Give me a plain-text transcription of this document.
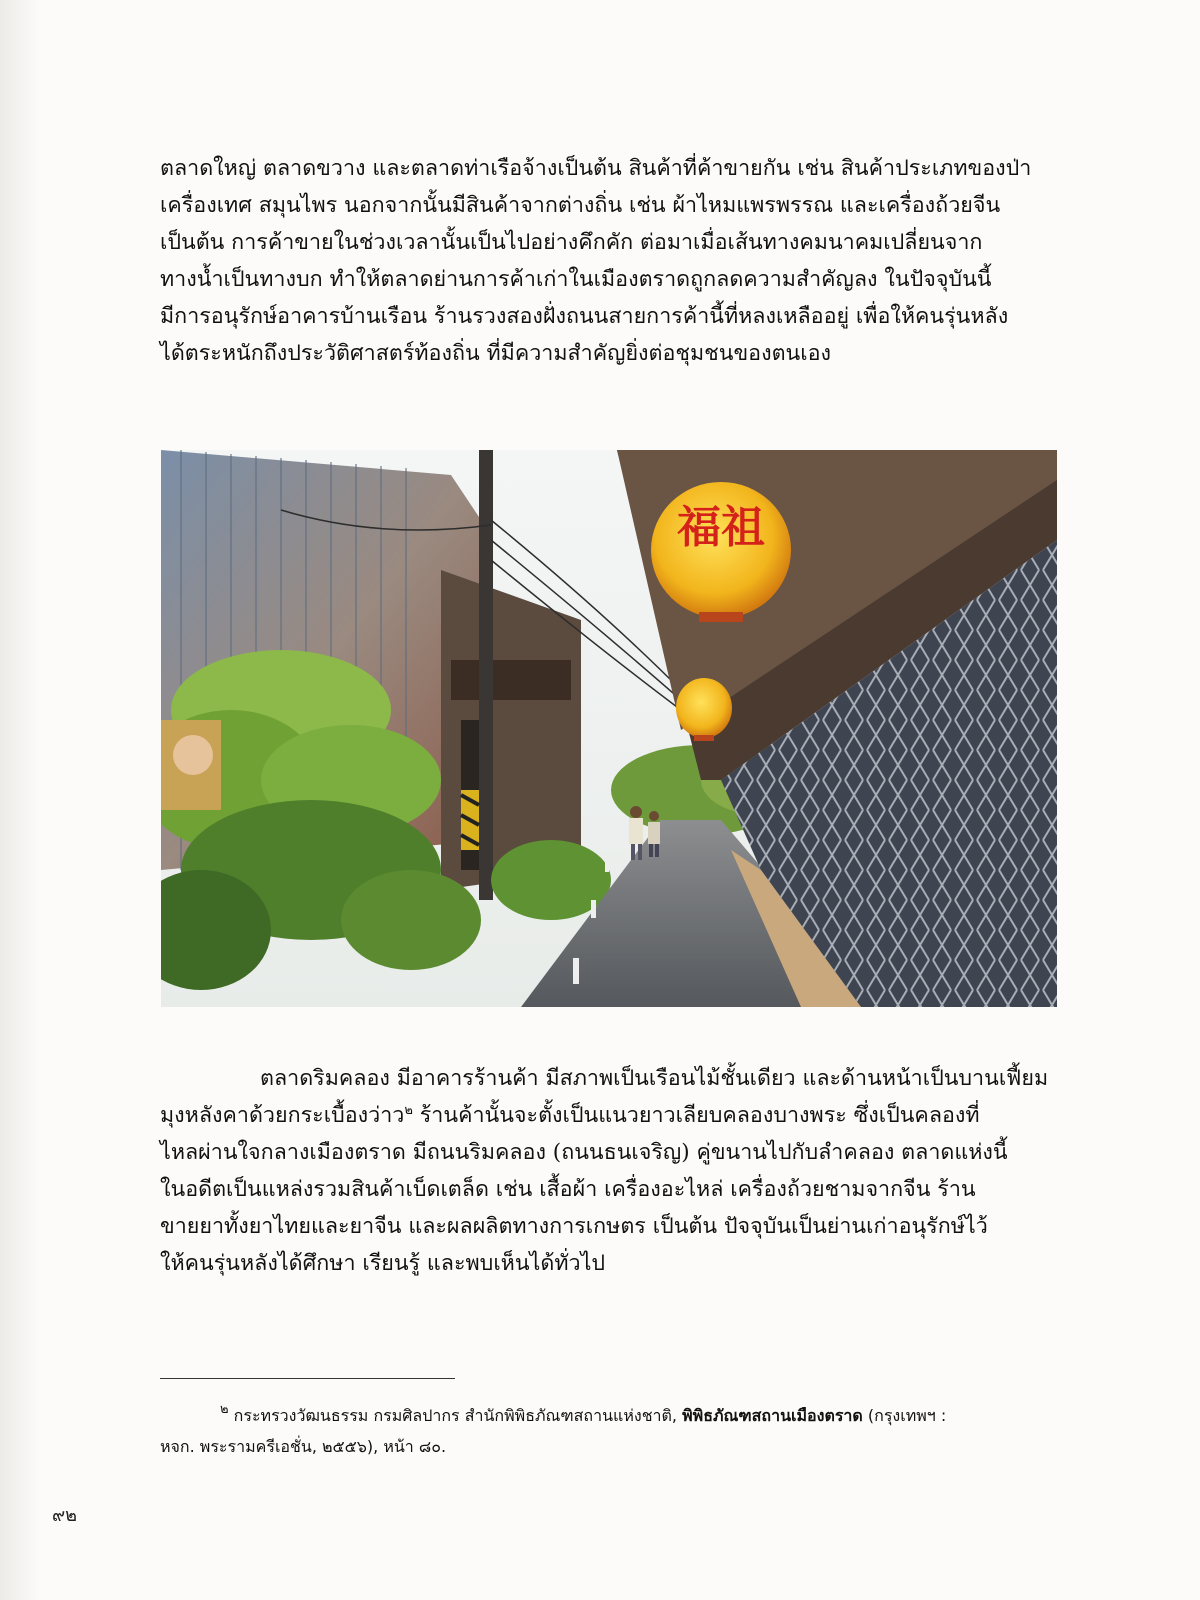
ตลาดใหญ่ ตลาดขวาง และตลาดท่าเรือจ้างเป็นต้น สินค้าที่ค้าขายกัน เช่น สินค้าประเภทของป่า
เครื่องเทศ สมุนไพร นอกจากนั้นมีสินค้าจากต่างถิ่น เช่น ผ้าไหมแพรพรรณ และเครื่องถ้วยจีน
เป็นต้น การค้าขายในช่วงเวลานั้นเป็นไปอย่างคึกคัก ต่อมาเมื่อเส้นทางคมนาคมเปลี่ยนจาก
ทางน้ำเป็นทางบก ทำให้ตลาดย่านการค้าเก่าในเมืองตราดถูกลดความสำคัญลง ในปัจจุบันนี้
มีการอนุรักษ์อาคารบ้านเรือน ร้านรวงสองฝั่งถนนสายการค้านี้ที่หลงเหลืออยู่ เพื่อให้คนรุ่นหลัง
ได้ตระหนักถึงประวัติศาสตร์ท้องถิ่น ที่มีความสำคัญยิ่งต่อชุมชนของตนเอง

福祖

ตลาดริมคลอง มีอาคารร้านค้า มีสภาพเป็นเรือนไม้ชั้นเดียว และด้านหน้าเป็นบานเฟี้ยม
มุงหลังคาด้วยกระเบื้องว่าว$^๒$ ร้านค้านั้นจะตั้งเป็นแนวยาวเลียบคลองบางพระ ซึ่งเป็นคลองที่
ไหลผ่านใจกลางเมืองตราด มีถนนริมคลอง (ถนนธนเจริญ) คู่ขนานไปกับลำคลอง ตลาดแห่งนี้
ในอดีตเป็นแหล่งรวมสินค้าเบ็ดเตล็ด เช่น เสื้อผ้า เครื่องอะไหล่ เครื่องถ้วยชามจากจีน ร้าน
ขายยาทั้งยาไทยและยาจีน และผลผลิตทางการเกษตร เป็นต้น ปัจจุบันเป็นย่านเก่าอนุรักษ์ไว้
ให้คนรุ่นหลังได้ศึกษา เรียนรู้ และพบเห็นได้ทั่วไป

$^๒$ กระทรวงวัฒนธรรม กรมศิลปากร สำนักพิพิธภัณฑสถานแห่งชาติ, พิพิธภัณฑสถานเมืองตราด (กรุงเทพฯ :
หจก. พระรามครีเอชั่น, ๒๕๕๖), หน้า ๘๐.

๙๒
